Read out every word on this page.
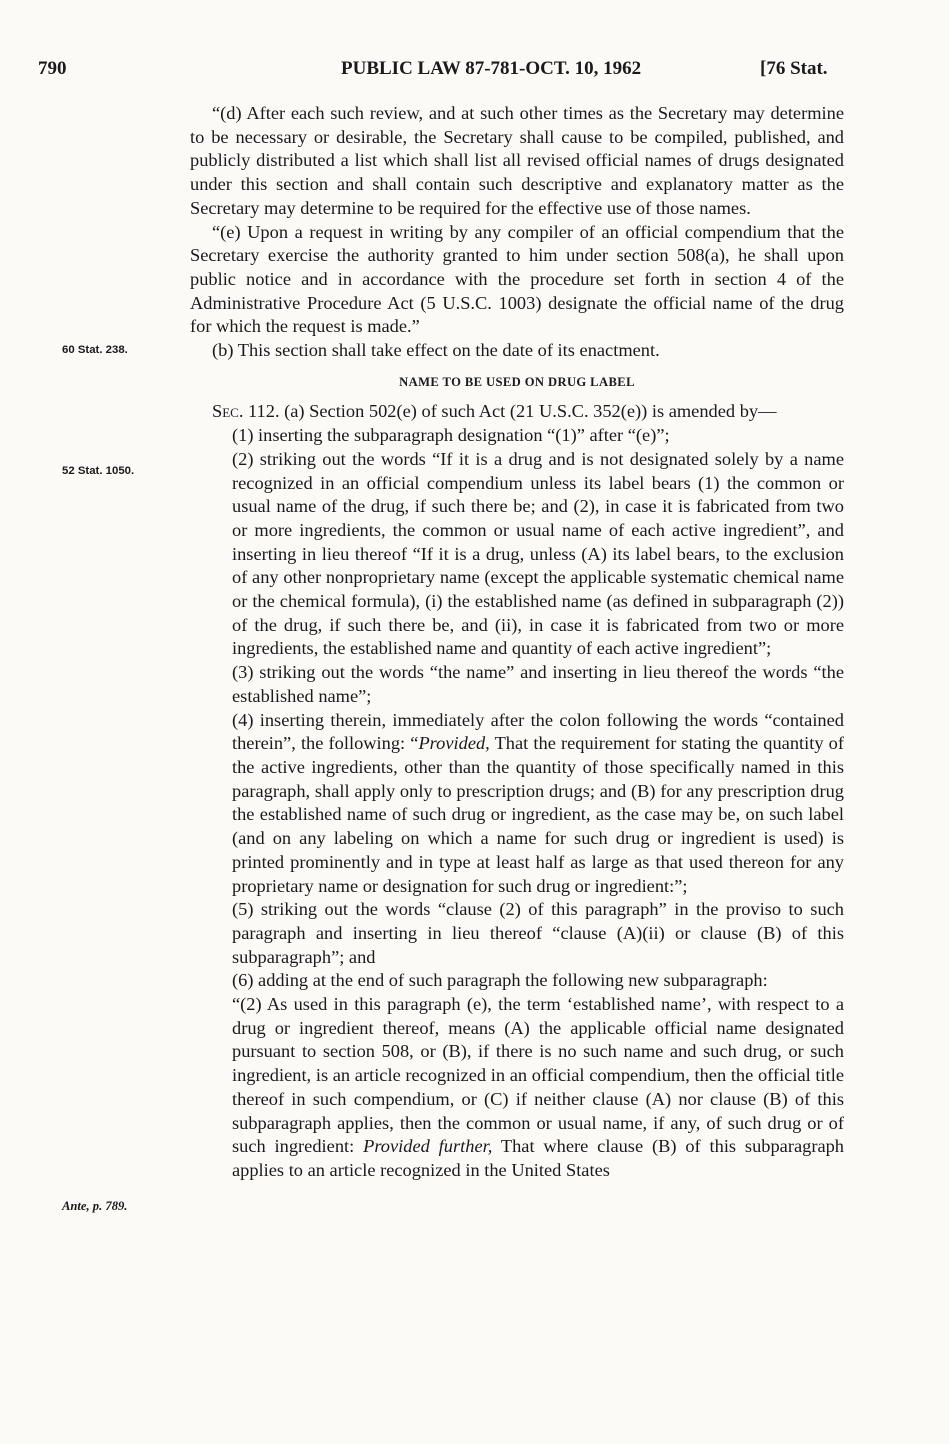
790	PUBLIC LAW 87-781-OCT. 10, 1962	[76 Stat.
60 Stat. 238.
52 Stat. 1050.
Ante, p. 789.

“(d) After each such review, and at such other times as the Secretary may determine to be necessary or desirable, the Secretary shall cause to be compiled, published, and publicly distributed a list which shall list all revised official names of drugs designated under this section and shall contain such descriptive and explanatory matter as the Secretary may determine to be required for the effective use of those names.

“(e) Upon a request in writing by any compiler of an official compendium that the Secretary exercise the authority granted to him under section 508(a), he shall upon public notice and in accordance with the procedure set forth in section 4 of the Administrative Procedure Act (5 U.S.C. 1003) designate the official name of the drug for which the request is made.”

(b) This section shall take effect on the date of its enactment.

NAME TO BE USED ON DRUG LABEL

Sec. 112. (a) Section 502(e) of such Act (21 U.S.C. 352(e)) is amended by—

(1) inserting the subparagraph designation “(1)” after “(e)”;

(2) striking out the words “If it is a drug and is not designated solely by a name recognized in an official compendium unless its label bears (1) the common or usual name of the drug, if such there be; and (2), in case it is fabricated from two or more ingredients, the common or usual name of each active ingredient”, and inserting in lieu thereof “If it is a drug, unless (A) its label bears, to the exclusion of any other nonproprietary name (except the applicable systematic chemical name or the chemical formula), (i) the established name (as defined in subparagraph (2)) of the drug, if such there be, and (ii), in case it is fabricated from two or more ingredients, the established name and quantity of each active ingredient”;

(3) striking out the words “the name” and inserting in lieu thereof the words “the established name”;

(4) inserting therein, immediately after the colon following the words “contained therein”, the following: “Provided, That the requirement for stating the quantity of the active ingredients, other than the quantity of those specifically named in this paragraph, shall apply only to prescription drugs; and (B) for any prescription drug the established name of such drug or ingredient, as the case may be, on such label (and on any labeling on which a name for such drug or ingredient is used) is printed prominently and in type at least half as large as that used thereon for any proprietary name or designation for such drug or ingredient:”;

(5) striking out the words “clause (2) of this paragraph” in the proviso to such paragraph and inserting in lieu thereof “clause (A)(ii) or clause (B) of this subparagraph”; and

(6) adding at the end of such paragraph the following new subparagraph:

“(2) As used in this paragraph (e), the term ‘established name’, with respect to a drug or ingredient thereof, means (A) the applicable official name designated pursuant to section 508, or (B), if there is no such name and such drug, or such ingredient, is an article recognized in an official compendium, then the official title thereof in such compendium, or (C) if neither clause (A) nor clause (B) of this subparagraph applies, then the common or usual name, if any, of such drug or of such ingredient: Provided further, That where clause (B) of this subparagraph applies to an article recognized in the United States
